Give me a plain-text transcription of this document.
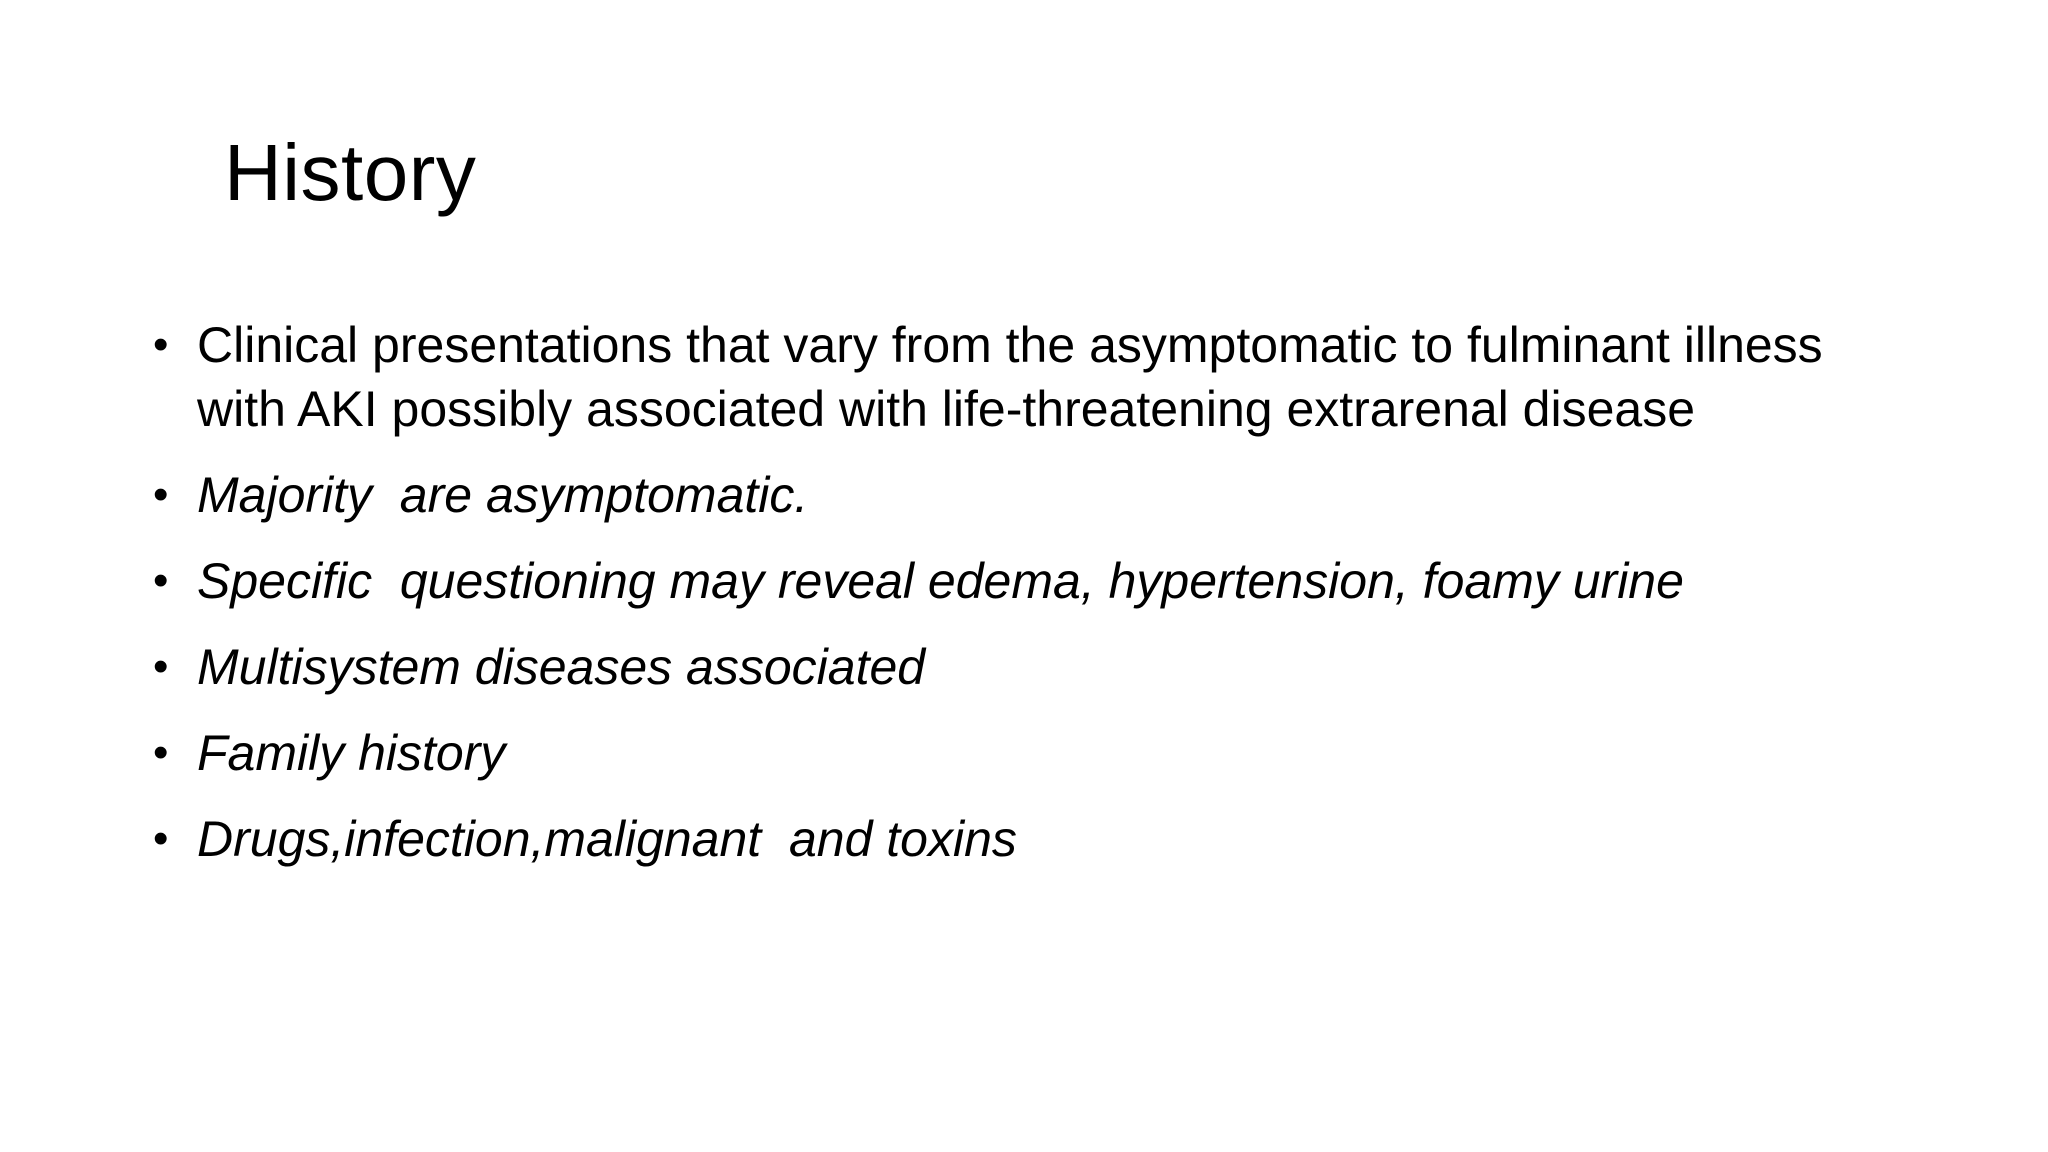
History
• Clinical presentations that vary from the asymptomatic to fulminant illness with AKI possibly associated with life-threatening extrarenal disease
• Majority  are asymptomatic.
• Specific  questioning may reveal edema, hypertension, foamy urine
• Multisystem diseases associated
• Family history
• Drugs,infection,malignant  and toxins
